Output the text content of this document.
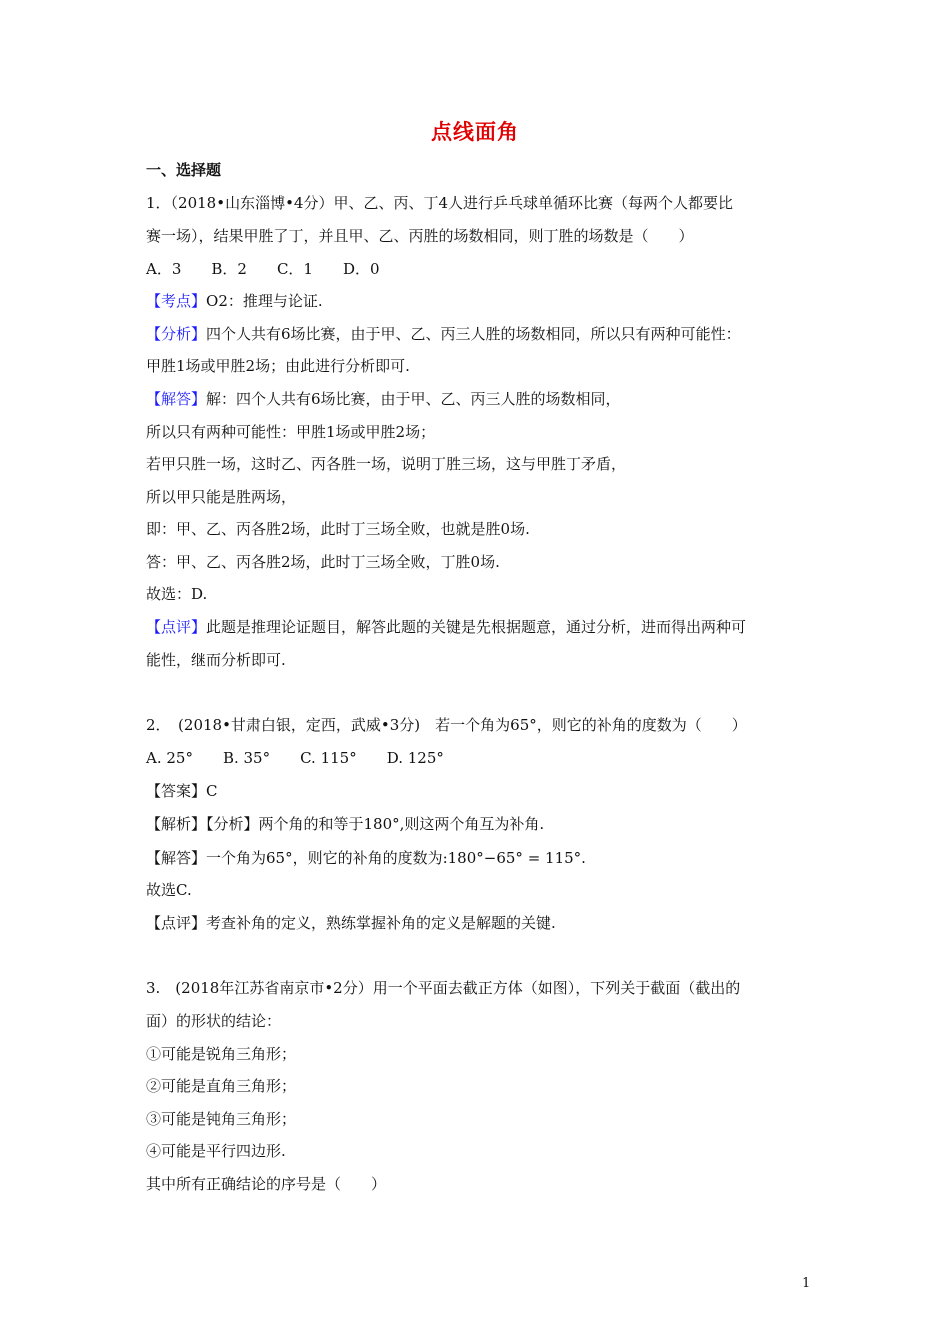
点线面角
一、选择题
1．（2018•山东淄博•4分）甲、乙、丙、丁4人进行乒乓球单循环比赛（每两个人都要比
赛一场），结果甲胜了丁，并且甲、乙、丙胜的场数相同，则丁胜的场数是（　　）
A．3　　B．2　　C．1　　D．0
【考点】O2：推理与论证.
【分析】四个人共有6场比赛，由于甲、乙、丙三人胜的场数相同，所以只有两种可能性：
甲胜1场或甲胜2场；由此进行分析即可.
【解答】解：四个人共有6场比赛，由于甲、乙、丙三人胜的场数相同，
所以只有两种可能性：甲胜1场或甲胜2场；
若甲只胜一场，这时乙、丙各胜一场，说明丁胜三场，这与甲胜丁矛盾，
所以甲只能是胜两场，
即：甲、乙、丙各胜2场，此时丁三场全败，也就是胜0场.
答：甲、乙、丙各胜2场，此时丁三场全败，丁胜0场.
故选：D.
【点评】此题是推理论证题目，解答此题的关键是先根据题意，通过分析，进而得出两种可
能性，继而分析即可.
2．　(2018•甘肃白银，定西，武威•3分)　若一个角为65°，则它的补角的度数为（　　）
A. 25°　　B. 35°　　C. 115°　　D. 125°
【答案】C
【解析】【分析】两个角的和等于180°,则这两个角互为补角.
【解答】一个角为65°，则它的补角的度数为:180°−65° = 115°.
故选C.
【点评】考查补角的定义，熟练掌握补角的定义是解题的关键.
3.　(2018年江苏省南京市•2分）用一个平面去截正方体（如图），下列关于截面（截出的
面）的形状的结论：
①可能是锐角三角形；
②可能是直角三角形；
③可能是钝角三角形；
④可能是平行四边形.
其中所有正确结论的序号是（　　）
1
